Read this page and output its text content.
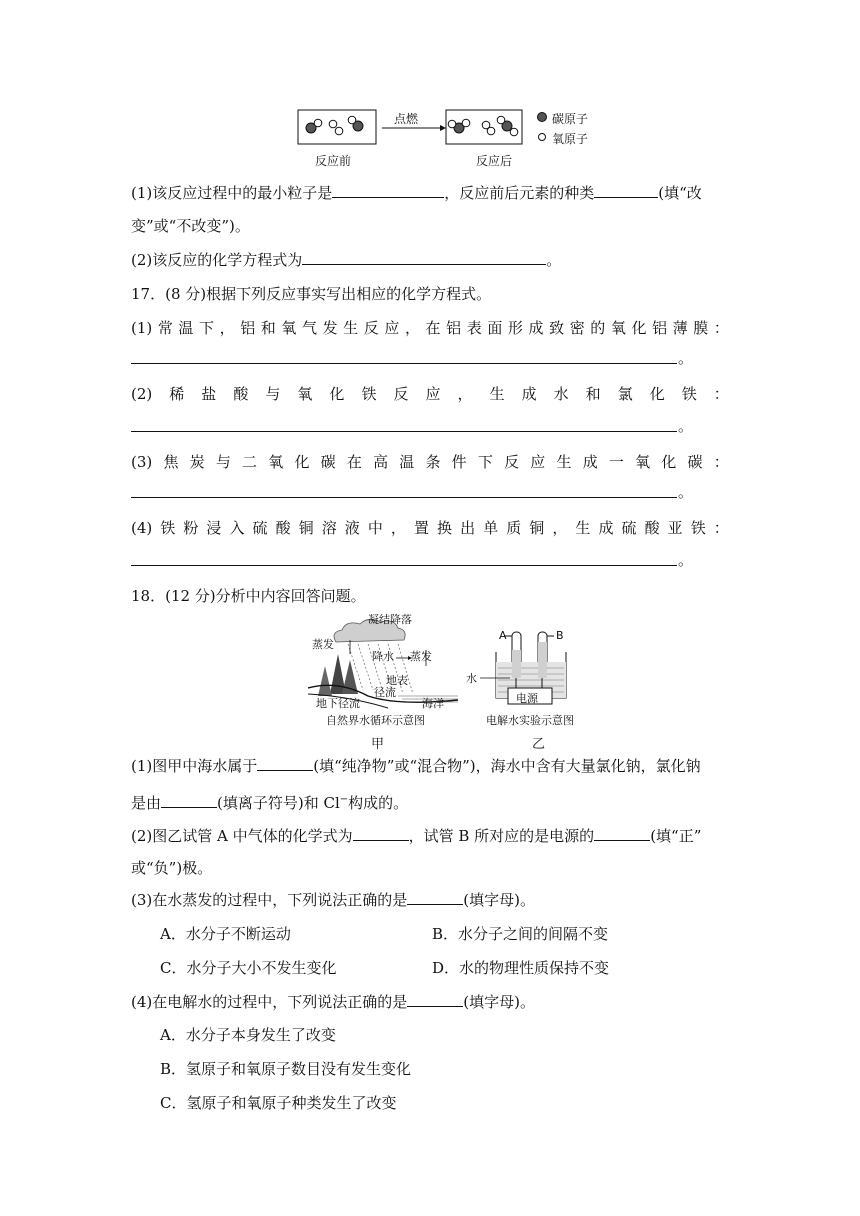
点燃
反应前	反应后
碳原子
氧原子
(1)该反应过程中的最小粒子是	，反应前后元素的种类	(填“改
变”或“不改变”)。
(2)该反应的化学方程式为	。
17．(8 分)根据下列反应事实写出相应的化学方程式。
(1) 常 温 下 ， 铝 和 氧 气 发 生 反 应 ， 在 铝 表 面 形 成 致 密 的 氧 化 铝 薄 膜 ：
。
(2) 稀 盐 酸 与 氧 化 铁 反 应 ， 生 成 水 和 氯 化 铁 ：
。
(3) 焦 炭 与 二 氧 化 碳 在 高 温 条 件 下 反 应 生 成 一 氧 化 碳 ：
。
(4) 铁 粉 浸 入 硫 酸 铜 溶 液 中 ， 置 换 出 单 质 铜 ， 生 成 硫 酸 亚 铁 ：
。
18．(12 分)分析中内容回答问题。
凝结降落
蒸发
降水 蒸发
地表
径流
地下径流	海洋
自然界水循环示意图
甲
A	B
水
电源
电解水实验示意图
乙
(1)图甲中海水属于	(填“纯净物”或“混合物”)，海水中含有大量氯化钠，氯化钠
是由	(填离子符号)和 Cl−构成的。
(2)图乙试管 A 中气体的化学式为	，试管 B 所对应的是电源的	(填“正”
或“负”)极。
(3)在水蒸发的过程中，下列说法正确的是	(填字母)。
A．水分子不断运动	B．水分子之间的间隔不变
C．水分子大小不发生变化	D．水的物理性质保持不变
(4)在电解水的过程中，下列说法正确的是	(填字母)。
A．水分子本身发生了改变
B．氢原子和氧原子数目没有发生变化
C．氢原子和氧原子种类发生了改变
